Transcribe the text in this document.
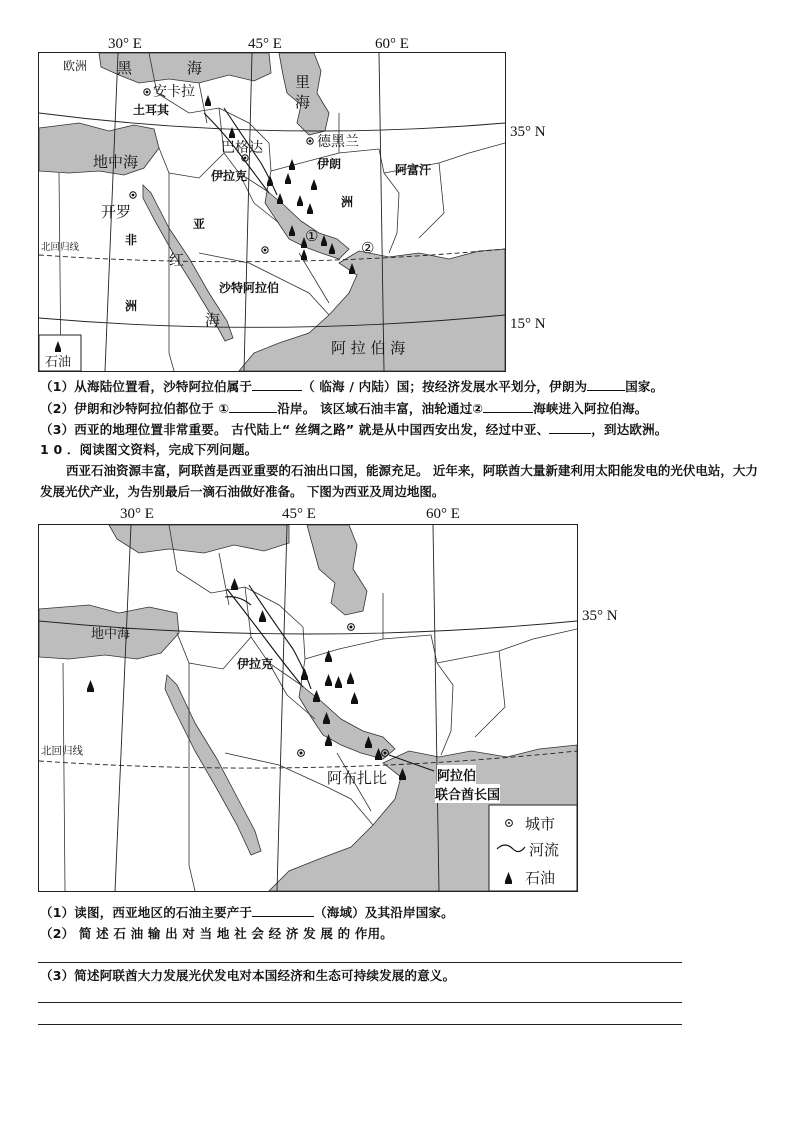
30° E	45° E	60° E
35° N
15° N
欧洲 黑	海
里
海
安卡拉
土耳其
德黑兰
巴格达
伊朗	阿富汗
地中海
伊拉克
开罗
洲
亚
非
洲
北回归线
①
②
红
海
沙特阿拉伯
阿 拉 伯 海
石油
（1）从海陆位置看，沙特阿拉伯属于	（ 临海 / 内陆）国；按经济发展水平划分，伊朗为	国家。
（2）伊朗和沙特阿拉伯都位于 ①	沿岸。 该区域石油丰富，油轮通过②	海峡进入阿拉伯海。
（3）西亚的地理位置非常重要。 古代陆上“ 丝绸之路” 就是从中国西安出发，经过中亚、	，到达欧洲。
1 0 ．阅读图文资料，完成下列问题。
西亚石油资源丰富，阿联酋是西亚重要的石油出口国，能源充足。 近年来，阿联酋大量新建利用太阳能发电的光伏电站，大力发展光伏产业，为告别最后一滴石油做好准备。 下图为西亚及周边地图。
30° E	45° E	60° E
35° N
地中海
伊拉克
北回归线
阿布扎比	阿拉伯
联合酋长国
城市
河流
石油
（1）读图，西亚地区的石油主要产于	（海域）及其沿岸国家。
（2） 简 述 石 油 输 出 对 当 地 社 会 经 济 发 展 的 作用。
（3）简述阿联酋大力发展光伏发电对本国经济和生态可持续发展的意义。
